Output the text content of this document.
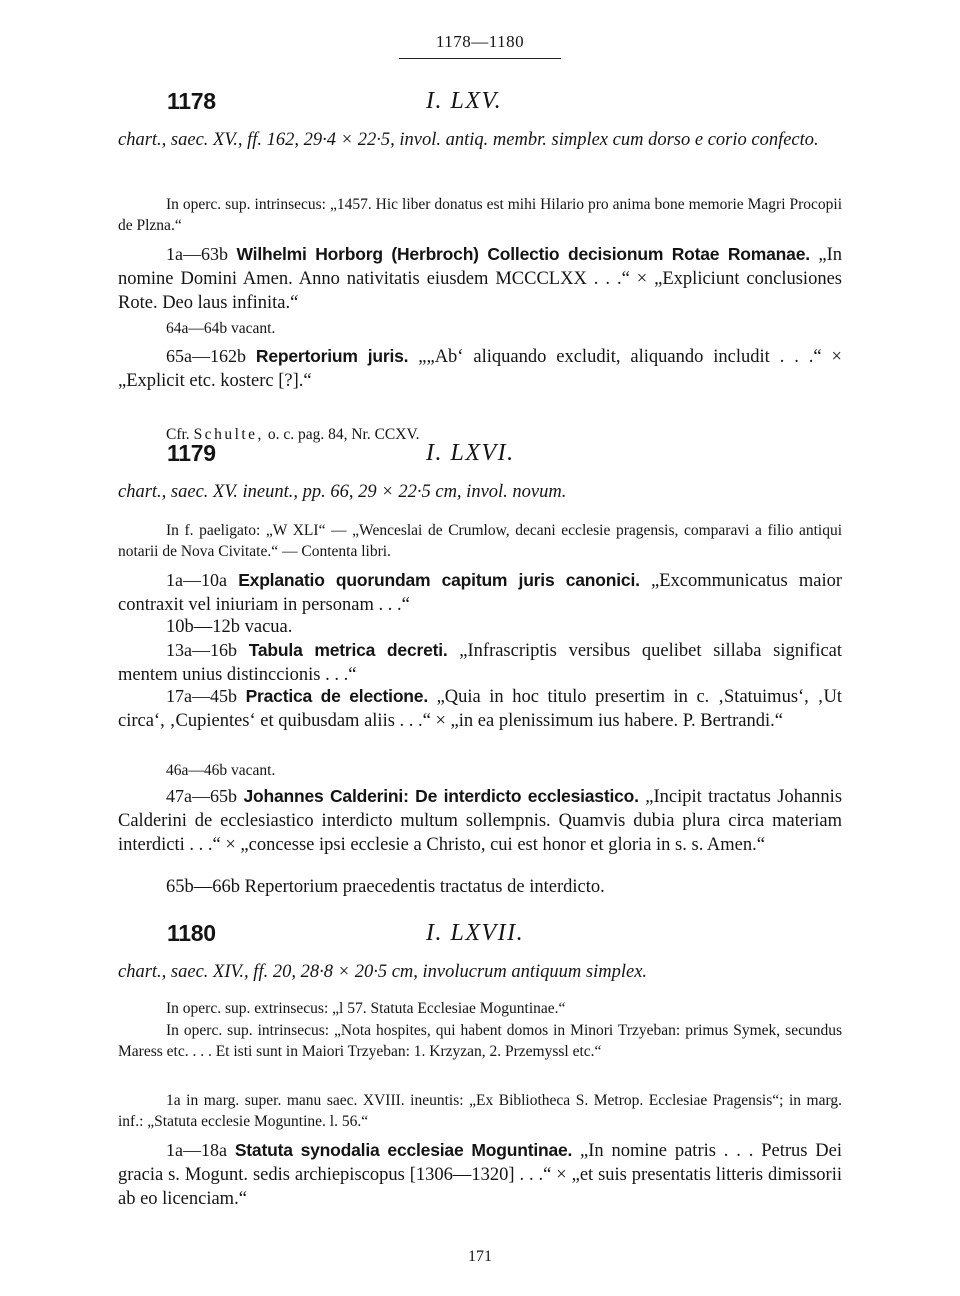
1178—1180
1178	I. LXV.
chart., saec. XV., ff. 162, 29·4 × 22·5, invol. antiq. membr. simplex cum dorso e corio confecto.
In operc. sup. intrinsecus: „1457. Hic liber donatus est mihi Hilario pro anima bone memorie Magri Procopii de Plzna.“
1a—63b Wilhelmi Horborg (Herbroch) Collectio decisionum Rotae Romanae. „In nomine Domini Amen. Anno nativitatis eiusdem MCCCLXX . . .“ × „Expliciunt conclusiones Rote. Deo laus infinita.“
64a—64b vacant.
65a—162b Repertorium juris. „„Ab‘ aliquando excludit, aliquando includit . . .“ × „Explicit etc. kosterc [?].“
Cfr. Schulte, o. c. pag. 84, Nr. CCXV.
1179	I. LXVI.
chart., saec. XV. ineunt., pp. 66, 29 × 22·5 cm, invol. novum.
In f. paeligato: „W XLI“ — „Wenceslai de Crumlow, decani ecclesie pragensis, comparavi a filio antiqui notarii de Nova Civitate.“ — Contenta libri.
1a—10a Explanatio quorundam capitum juris canonici. „Excommunicatus maior contraxit vel iniuriam in personam . . .“
10b—12b vacua.
13a—16b Tabula metrica decreti. „Infrascriptis versibus quelibet sillaba significat mentem unius distinccionis . . .“
17a—45b Practica de electione. „Quia in hoc titulo presertim in c. ‚Statuimus‘, ‚Ut circa‘, ‚Cupientes‘ et quibusdam aliis . . .“ × „in ea plenissimum ius habere. P. Bertrandi.“
46a—46b vacant.
47a—65b Johannes Calderini: De interdicto ecclesiastico. „Incipit tractatus Johannis Calderini de ecclesiastico interdicto multum sollempnis. Quamvis dubia plura circa materiam interdicti . . .“ × „concesse ipsi ecclesie a Christo, cui est honor et gloria in s. s. Amen.“
65b—66b Repertorium praecedentis tractatus de interdicto.
1180	I. LXVII.
chart., saec. XIV., ff. 20, 28·8 × 20·5 cm, involucrum antiquum simplex.
In operc. sup. extrinsecus: „l 57. Statuta Ecclesiae Moguntinae.“
In operc. sup. intrinsecus: „Nota hospites, qui habent domos in Minori Trzyeban: primus Symek, secundus Maress etc. . . . Et isti sunt in Maiori Trzyeban: 1. Krzyzan, 2. Przemyssl etc.“
1a in marg. super. manu saec. XVIII. ineuntis: „Ex Bibliotheca S. Metrop. Ecclesiae Pragensis“; in marg. inf.: „Statuta ecclesie Moguntine. l. 56.“
1a—18a Statuta synodalia ecclesiae Moguntinae. „In nomine patris . . . Petrus Dei gracia s. Mogunt. sedis archiepiscopus [1306—1320] . . .“ × „et suis presentatis litteris dimissorii ab eo licenciam.“
171
